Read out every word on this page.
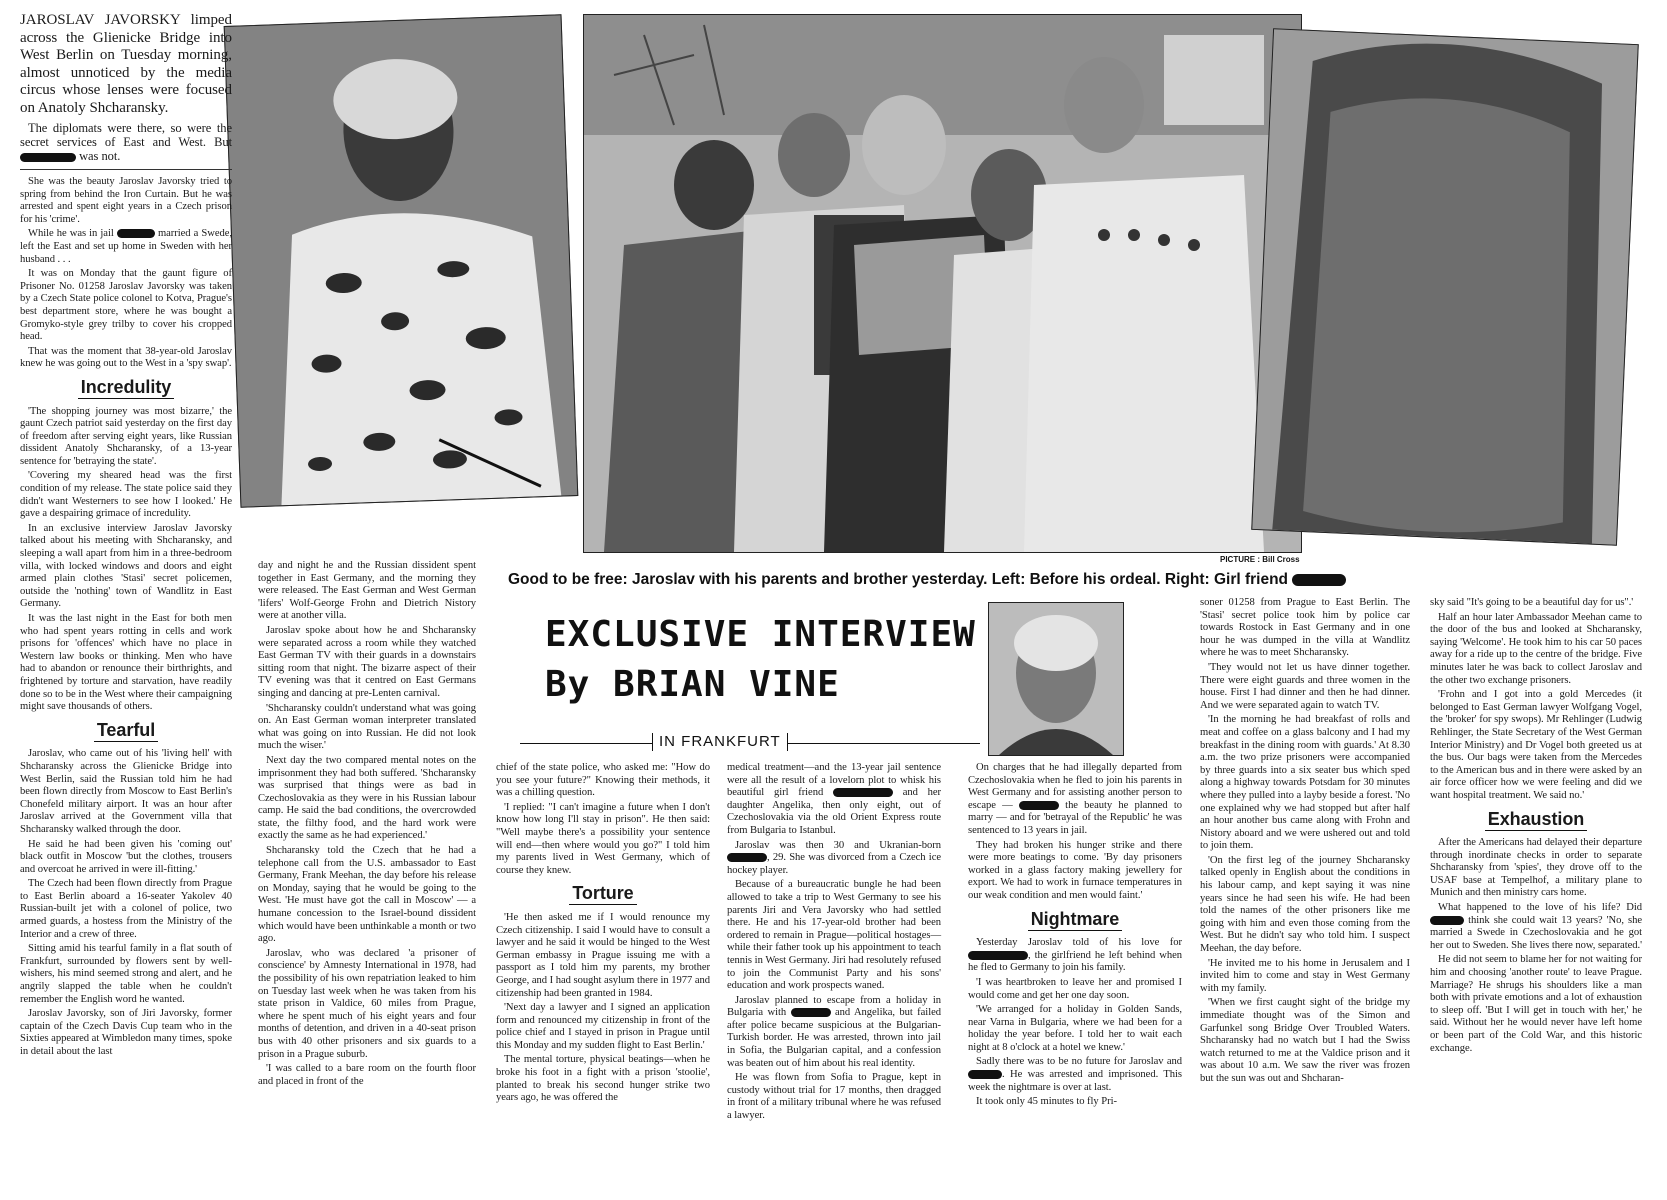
PICTURE : Bill Cross
Good to be free: Jaroslav with his parents and brother yesterday. Left: Before his ordeal. Right: Girl friend

JAROSLAV JAVORSKY limped across the Glienicke Bridge into West Berlin on Tuesday morning, almost unnoticed by the media circus whose lenses were focused on Anatoly Shcharansky.

The diplomats were there, so were the secret services of East and West. But  was not.

She was the beauty Jaroslav Javorsky tried to spring from behind the Iron Curtain. But he was arrested and spent eight years in a Czech prison for his 'crime'.

While he was in jail	married a Swede, left the East and set up home in Sweden with her husband . . .

It was on Monday that the gaunt figure of Prisoner No. 01258 Jaroslav Javorsky was taken by a Czech State police colonel to Kotva, Prague's best department store, where he was bought a Gromyko-style grey trilby to cover his cropped head.

That was the moment that 38-year-old Jaroslav knew he was going out to the West in a 'spy swap'.

Incredulity

'The shopping journey was most bizarre,' the gaunt Czech patriot said yesterday on the first day of freedom after serving eight years, like Russian dissident Anatoly Shcharansky, of a 13-year sentence for 'betraying the state'.

'Covering my sheared head was the first condition of my release. The state police said they didn't want Westerners to see how I looked.' He gave a despairing grimace of incredulity.

In an exclusive interview Jaroslav Javorsky talked about his meeting with Shcharansky, and sleeping a wall apart from him in a three-bedroom villa, with locked windows and doors and eight armed plain clothes 'Stasi' secret policemen, outside the 'nothing' town of Wandlitz in East Germany.

It was the last night in the East for both men who had spent years rotting in cells and work prisons for 'offences' which have no place in Western law books or thinking. Men who have had to abandon or renounce their birthrights, and frightened by torture and starvation, have readily done so to be in the West where their campaigning might save thousands of others.

Tearful

Jaroslav, who came out of his 'living hell' with Shcharansky across the Glienicke Bridge into West Berlin, said the Russian told him he had been flown directly from Moscow to East Berlin's Chonefeld military airport. It was an hour after Jaroslav arrived at the Government villa that Shcharansky walked through the door.

He said he had been given his 'coming out' black outfit in Moscow 'but the clothes, trousers and overcoat he arrived in were ill-fitting.'

The Czech had been flown directly from Prague to East Berlin aboard a 16-seater Yakolev 40 Russian-built jet with a colonel of police, two armed guards, a hostess from the Ministry of the Interior and a crew of three.

Sitting amid his tearful family in a flat south of Frankfurt, surrounded by flowers sent by well-wishers, his mind seemed strong and alert, and he angrily slapped the table when he couldn't remember the English word he wanted.

Jaroslav Javorsky, son of Jiri Javorsky, former captain of the Czech Davis Cup team who in the Sixties appeared at Wimbledon many times, spoke in detail about the last

day and night he and the Russian dissident spent together in East Germany, and the morning they were released. The East German and West German 'lifers' Wolf-George Frohn and Dietrich Nistory were at another villa.

Jaroslav spoke about how he and Shcharansky were separated across a room while they watched East German TV with their guards in a downstairs sitting room that night. The bizarre aspect of their TV evening was that it centred on East Germans singing and dancing at pre-Lenten carnival.

'Shcharansky couldn't understand what was going on. An East German woman interpreter translated what was going on into Russian. He did not look much the wiser.'

Next day the two compared mental notes on the imprisonment they had both suffered. 'Shcharansky was surprised that things were as bad in Czechoslovakia as they were in his Russian labour camp. He said the bad conditions, the overcrowded state, the filthy food, and the hard work were exactly the same as he had experienced.'

Shcharansky told the Czech that he had a telephone call from the U.S. ambassador to East Germany, Frank Meehan, the day before his release on Monday, saying that he would be going to the West. 'He must have got the call in Moscow' — a humane concession to the Israel-bound dissident which would have been unthinkable a month or two ago.

Jaroslav, who was declared 'a prisoner of conscience' by Amnesty International in 1978, had the possibility of his own repatriation leaked to him on Tuesday last week when he was taken from his state prison in Valdice, 60 miles from Prague, where he spent much of his eight years and four months of detention, and driven in a 40-seat prison bus with 40 other prisoners and six guards to a prison in a Prague suburb.

'I was called to a bare room on the fourth floor and placed in front of the

EXCLUSIVE INTERVIEW
By BRIAN VINE
IN FRANKFURT

chief of the state police, who asked me: "How do you see your future?" Knowing their methods, it was a chilling question.

'I replied: "I can't imagine a future when I don't know how long I'll stay in prison". He then said: "Well maybe there's a possibility your sentence will end—then where would you go?" I told him my parents lived in West Germany, which of course they knew.

Torture

'He then asked me if I would renounce my Czech citizenship. I said I would have to consult a lawyer and he said it would be hinged to the West German embassy in Prague issuing me with a passport as I told him my parents, my brother George, and I had sought asylum there in 1977 and citizenship had been granted in 1984.

'Next day a lawyer and I signed an application form and renounced my citizenship in front of the police chief and I stayed in prison in Prague until this Monday and my sudden flight to East Berlin.'

The mental torture, physical beatings—when he broke his foot in a fight with a prison 'stoolie', planted to break his second hunger strike two years ago, he was offered the

medical treatment—and the 13-year jail sentence were all the result of a lovelorn plot to whisk his beautiful girl friend	and her daughter Angelika, then only eight, out of Czechoslovakia via the old Orient Express route from Bulgaria to Istanbul.

Jaroslav was then 30 and Ukranian-born , 29. She was divorced from a Czech ice hockey player.

Because of a bureaucratic bungle he had been allowed to take a trip to West Germany to see his parents Jiri and Vera Javorsky who had settled there. He and his 17-year-old brother had been ordered to remain in Prague—political hostages—while their father took up his appointment to teach tennis in West Germany. Jiri had resolutely refused to join the Communist Party and his sons' education and work prospects waned.

Jaroslav planned to escape from a holiday in Bulgaria with	and Angelika, but failed after police became suspicious at the Bulgarian-Turkish border. He was arrested, thrown into jail in Sofia, the Bulgarian capital, and a confession was beaten out of him about his real identity.

He was flown from Sofia to Prague, kept in custody without trial for 17 months, then dragged in front of a military tribunal where he was refused a lawyer.

On charges that he had illegally departed from Czechoslovakia when he fled to join his parents in West Germany and for assisting another person to escape —	the beauty he planned to marry — and for 'betrayal of the Republic' he was sentenced to 13 years in jail.

They had broken his hunger strike and there were more beatings to come. 'By day prisoners worked in a glass factory making jewellery for export. We had to work in furnace temperatures in our weak condition and men would faint.'

Nightmare

Yesterday Jaroslav told of his love for , the girlfriend he left behind when he fled to Germany to join his family.

'I was heartbroken to leave her and promised I would come and get her one day soon.

'We arranged for a holiday in Golden Sands, near Varna in Bulgaria, where we had been for a holiday the year before. I told her to wait each night at 8 o'clock at a hotel we knew.'

Sadly there was to be no future for Jaroslav and . He was arrested and imprisoned. This week the nightmare is over at last.

It took only 45 minutes to fly Pri-

soner 01258 from Prague to East Berlin. The 'Stasi' secret police took him by police car towards Rostock in East Germany and in one hour he was dumped in the villa at Wandlitz where he was to meet Shcharansky.

'They would not let us have dinner together. There were eight guards and three women in the house. First I had dinner and then he had dinner. And we were separated again to watch TV.

'In the morning he had breakfast of rolls and meat and coffee on a glass balcony and I had my breakfast in the dining room with guards.' At 8.30 a.m. the two prize prisoners were accompanied by three guards into a six seater bus which sped along a highway towards Potsdam for 30 minutes where they pulled into a layby beside a forest. 'No one explained why we had stopped but after half an hour another bus came along with Frohn and Nistory aboard and we were ushered out and told to join them.

'On the first leg of the journey Shcharansky talked openly in English about the conditions in his labour camp, and kept saying it was nine years since he had seen his wife. He had been told the names of the other prisoners like me going with him and even those coming from the West. But he didn't say who told him. I suspect Meehan, the day before.

'He invited me to his home in Jerusalem and I invited him to come and stay in West Germany with my family.

'When we first caught sight of the bridge my immediate thought was of the Simon and Garfunkel song Bridge Over Troubled Waters. Shcharansky had no watch but I had the Swiss watch returned to me at the Valdice prison and it was about 10 a.m. We saw the river was frozen but the sun was out and Shcharan-

sky said "It's going to be a beautiful day for us".'

Half an hour later Ambassador Meehan came to the door of the bus and looked at Shcharansky, saying 'Welcome'. He took him to his car 50 paces away for a ride up to the centre of the bridge. Five minutes later he was back to collect Jaroslav and the other two exchange prisoners.

'Frohn and I got into a gold Mercedes (it belonged to East German lawyer Wolfgang Vogel, the 'broker' for spy swops). Mr Rehlinger (Ludwig Rehlinger, the State Secretary of the West German Interior Ministry) and Dr Vogel both greeted us at the bus. Our bags were taken from the Mercedes to the American bus and in there were asked by an air force officer how we were feeling and did we want hospital treatment. We said no.'

Exhaustion

After the Americans had delayed their departure through inordinate checks in order to separate Shcharansky from 'spies', they drove off to the USAF base at Tempelhof, a military plane to Munich and then ministry cars home.

What happened to the love of his life? Did  think she could wait 13 years? 'No, she married a Swede in Czechoslovakia and he got her out to Sweden. She lives there now, separated.'

He did not seem to blame her for not waiting for him and choosing 'another route' to leave Prague. Marriage? He shrugs his shoulders like a man both with private emotions and a lot of exhaustion to sleep off. 'But I will get in touch with her,' he said. Without her he would never have left home or been part of the Cold War, and this historic exchange.
